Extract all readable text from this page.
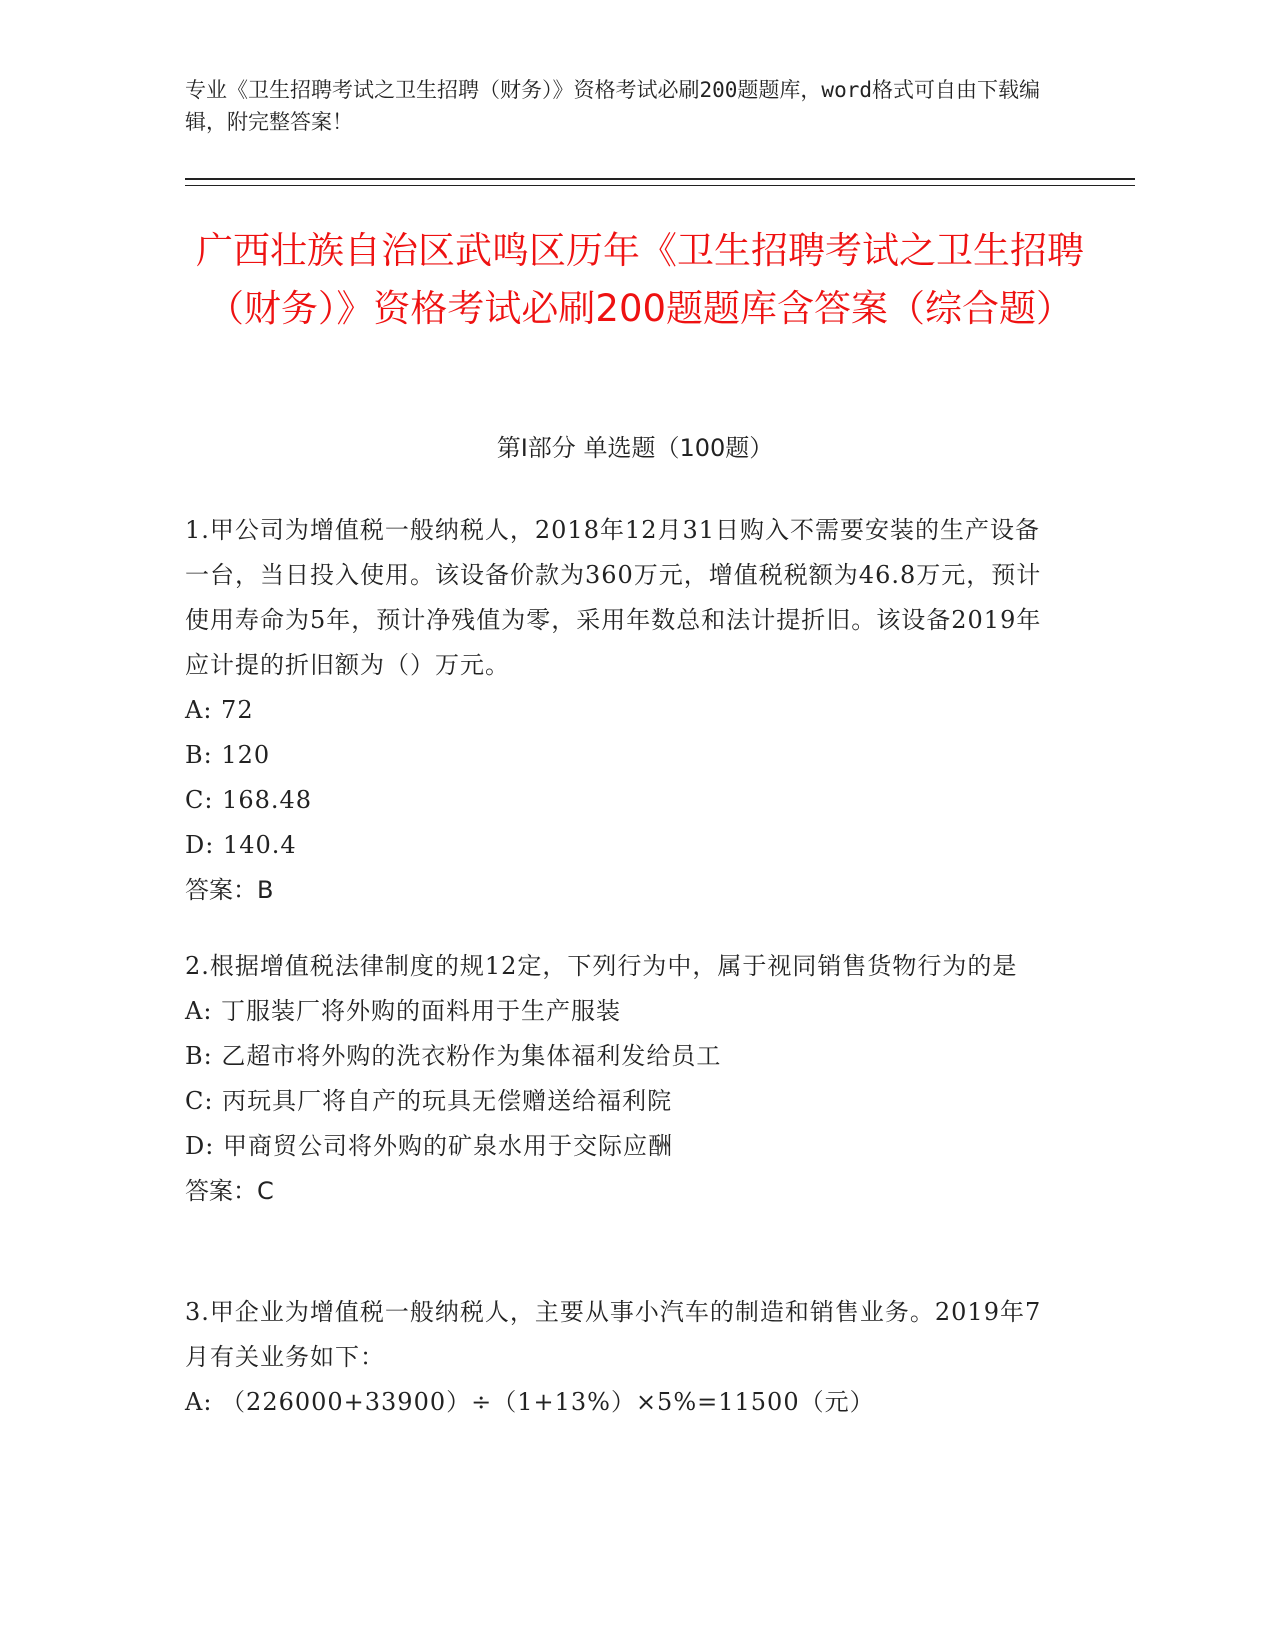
专业《卫生招聘考试之卫生招聘（财务）》资格考试必刷200题题库，word格式可自由下载编辑，附完整答案！
广西壮族自治区武鸣区历年《卫生招聘考试之卫生招聘（财务）》资格考试必刷200题题库含答案（综合题）
第Ⅰ部分 单选题（100题）

1.甲公司为增值税一般纳税人，2018年12月31日购入不需要安装的生产设备一台，当日投入使用。该设备价款为360万元，增值税税额为46.8万元，预计使用寿命为5年，预计净残值为零，采用年数总和法计提折旧。该设备2019年应计提的折旧额为（）万元。

A: 72

B: 120

C: 168.48

D: 140.4

答案：B

2.根据增值税法律制度的规12定，下列行为中，属于视同销售货物行为的是

A: 丁服装厂将外购的面料用于生产服装

B: 乙超市将外购的洗衣粉作为集体福利发给员工

C: 丙玩具厂将自产的玩具无偿赠送给福利院

D: 甲商贸公司将外购的矿泉水用于交际应酬

答案：C

3.甲企业为增值税一般纳税人，主要从事小汽车的制造和销售业务。2019年7月有关业务如下：

A: （226000+33900）÷（1+13%）×5%=11500（元）
